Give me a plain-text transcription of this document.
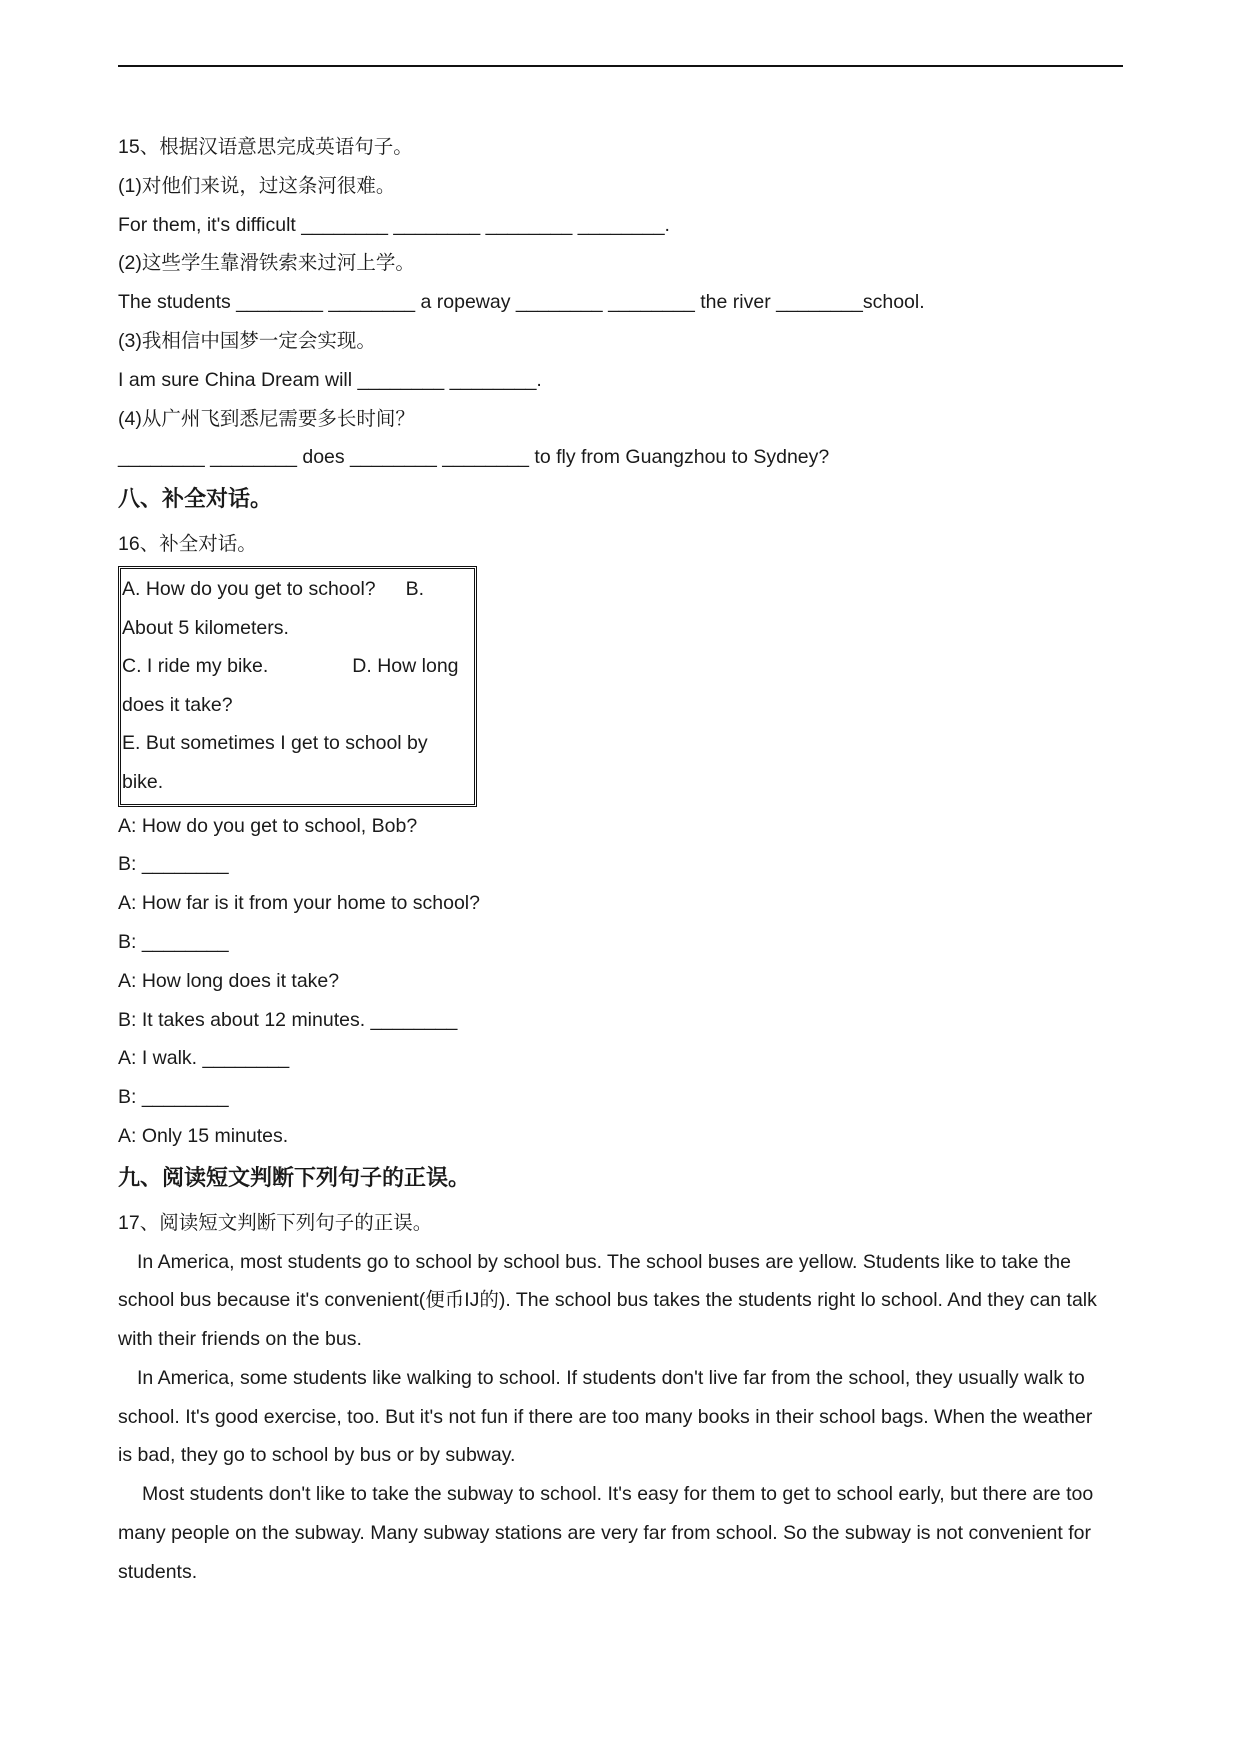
15、根据汉语意思完成英语句子。
(1)对他们来说，过这条河很难。
For them, it's difficult ________ ________ ________ ________.
(2)这些学生靠滑铁索来过河上学。
The students ________ ________ a ropeway ________ ________ the river ________school.
(3)我相信中国梦一定会实现。
I am sure China Dream will ________ ________.
(4)从广州飞到悉尼需要多长时间？
________ ________ does ________ ________ to fly from Guangzhou to Sydney?
八、补全对话。
16、补全对话。
A. How do you get to school? B.
About 5 kilometers.
C. I ride my bike.	D. How long
does it take?
E. But sometimes I get to school by
bike.
A: How do you get to school, Bob?
B: ________
A: How far is it from your home to school?
B: ________
A: How long does it take?
B: It takes about 12 minutes. ________
A: I walk. ________
B: ________
A: Only 15 minutes.
九、阅读短文判断下列句子的正误。
17、阅读短文判断下列句子的正误。
In America, most students go to school by school bus. The school buses are yellow. Students like to take the school bus because it's convenient(便币IJ的). The school bus takes the students right lo school. And they can talk with their friends on the bus.
In America, some students like walking to school. If students don't live far from the school, they usually walk to school. It's good exercise, too. But it's not fun if there are too many books in their school bags. When the weather is bad, they go to school by bus or by subway.
Most students don't like to take the subway to school. It's easy for them to get to school early, but there are too many people on the subway. Many subway stations are very far from school. So the subway is not convenient for students.
